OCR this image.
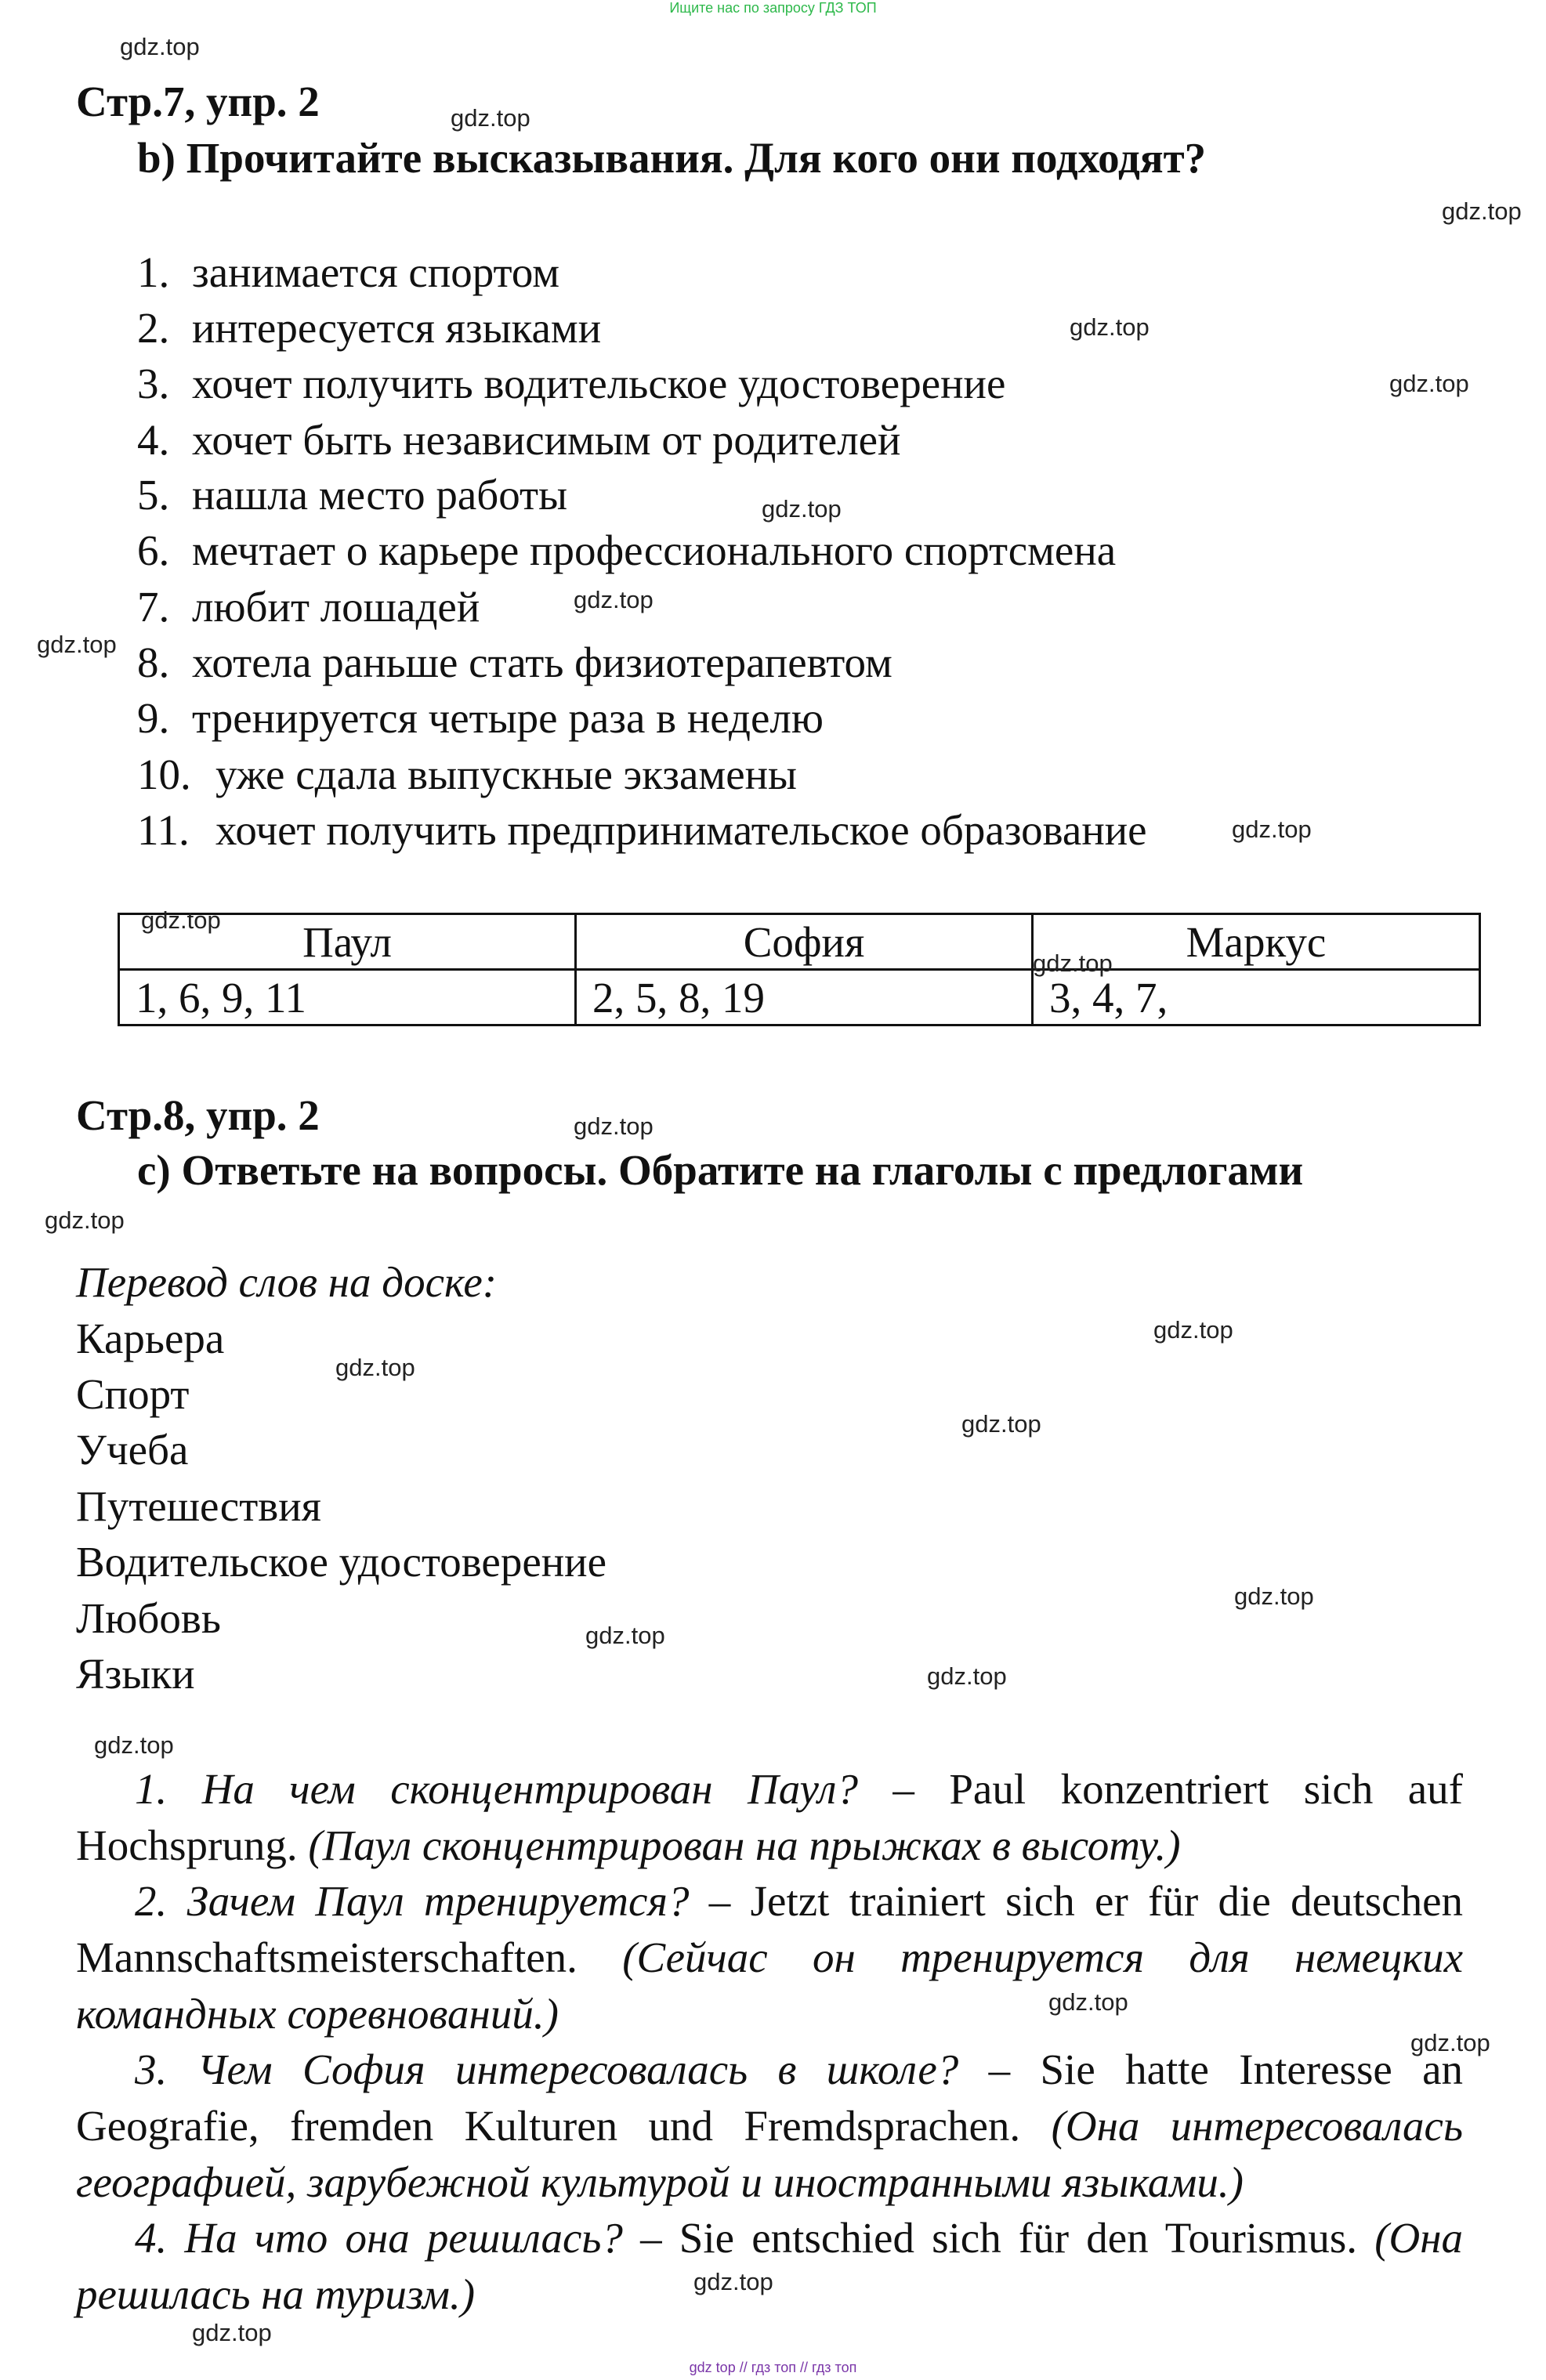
Ищите нас по запросу ГДЗ ТОП
Стр.7, упр. 2
b) Прочитайте высказывания. Для кого они подходят?
1. занимается спортом
2. интересуется языками
3. хочет получить водительское удостоверение
4. хочет быть независимым от родителей
5. нашла место работы
6. мечтает о карьере профессионального спортсмена
7. любит лошадей
8. хотела раньше стать физиотерапевтом
9. тренируется четыре раза в неделю
10. уже сдала выпускные экзамены
11. хочет получить предпринимательское образование
Паул	София	Маркус
1, 6, 9, 11	2, 5, 8, 19	3, 4, 7,
Стр.8, упр. 2
c) Ответьте на вопросы. Обратите на глаголы с предлогами
Перевод слов на доске:
Карьера
Спорт
Учеба
Путешествия
Водительское удостоверение
Любовь
Языки
1. На чем сконцентрирован Паул? – Paul konzentriert sich auf Hochsprung. (Паул сконцентрирован на прыжках в высоту.)
2. Зачем Паул тренируется? – Jetzt trainiert sich er für die deutschen Mannschaftsmeisterschaften. (Сейчас он тренируется для немецких командных соревнований.)
3. Чем София интересовалась в школе? – Sie hatte Interesse an Geografie, fremden Kulturen und Fremdsprachen. (Она интересовалась географией, зарубежной культурой и иностранными языками.)
4. На что она решилась? – Sie entschied sich für den Tourismus. (Она решилась на туризм.)
gdz.top
gdz.top
gdz.top
gdz.top
gdz.top
gdz.top
gdz.top
gdz.top
gdz.top
gdz.top
gdz.top
gdz.top
gdz.top
gdz.top
gdz.top
gdz.top
gdz.top
gdz.top
gdz.top
gdz.top
gdz.top
gdz.top
gdz.top
gdz.top
gdz top // гдз топ // гдз топ
